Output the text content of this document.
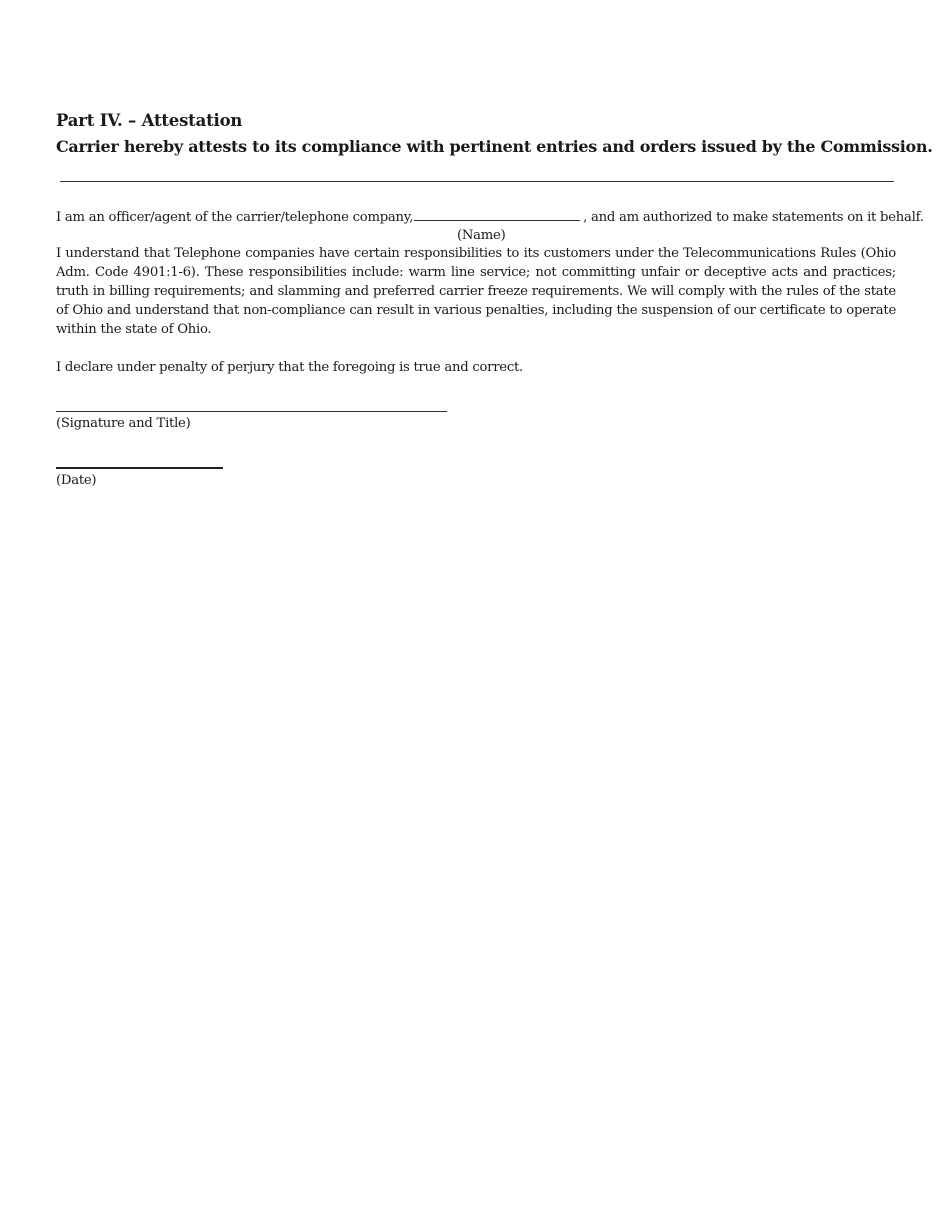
Part IV. – Attestation
Carrier hereby attests to its compliance with pertinent entries and orders issued by the Commission.
I am an officer/agent of the carrier/telephone company,	, and am authorized to make statements on it behalf.
(Name)

I understand that Telephone companies have certain responsibilities to its customers under the Telecommunications Rules (Ohio Adm. Code 4901:1-6). These responsibilities include: warm line service; not committing unfair or deceptive acts and practices; truth in billing requirements; and slamming and preferred carrier freeze requirements. We will comply with the rules of the state of Ohio and understand that non-compliance can result in various penalties, including the suspension of our certificate to operate within the state of Ohio.

I declare under penalty of perjury that the foregoing is true and correct.
(Signature and Title)
(Date)
